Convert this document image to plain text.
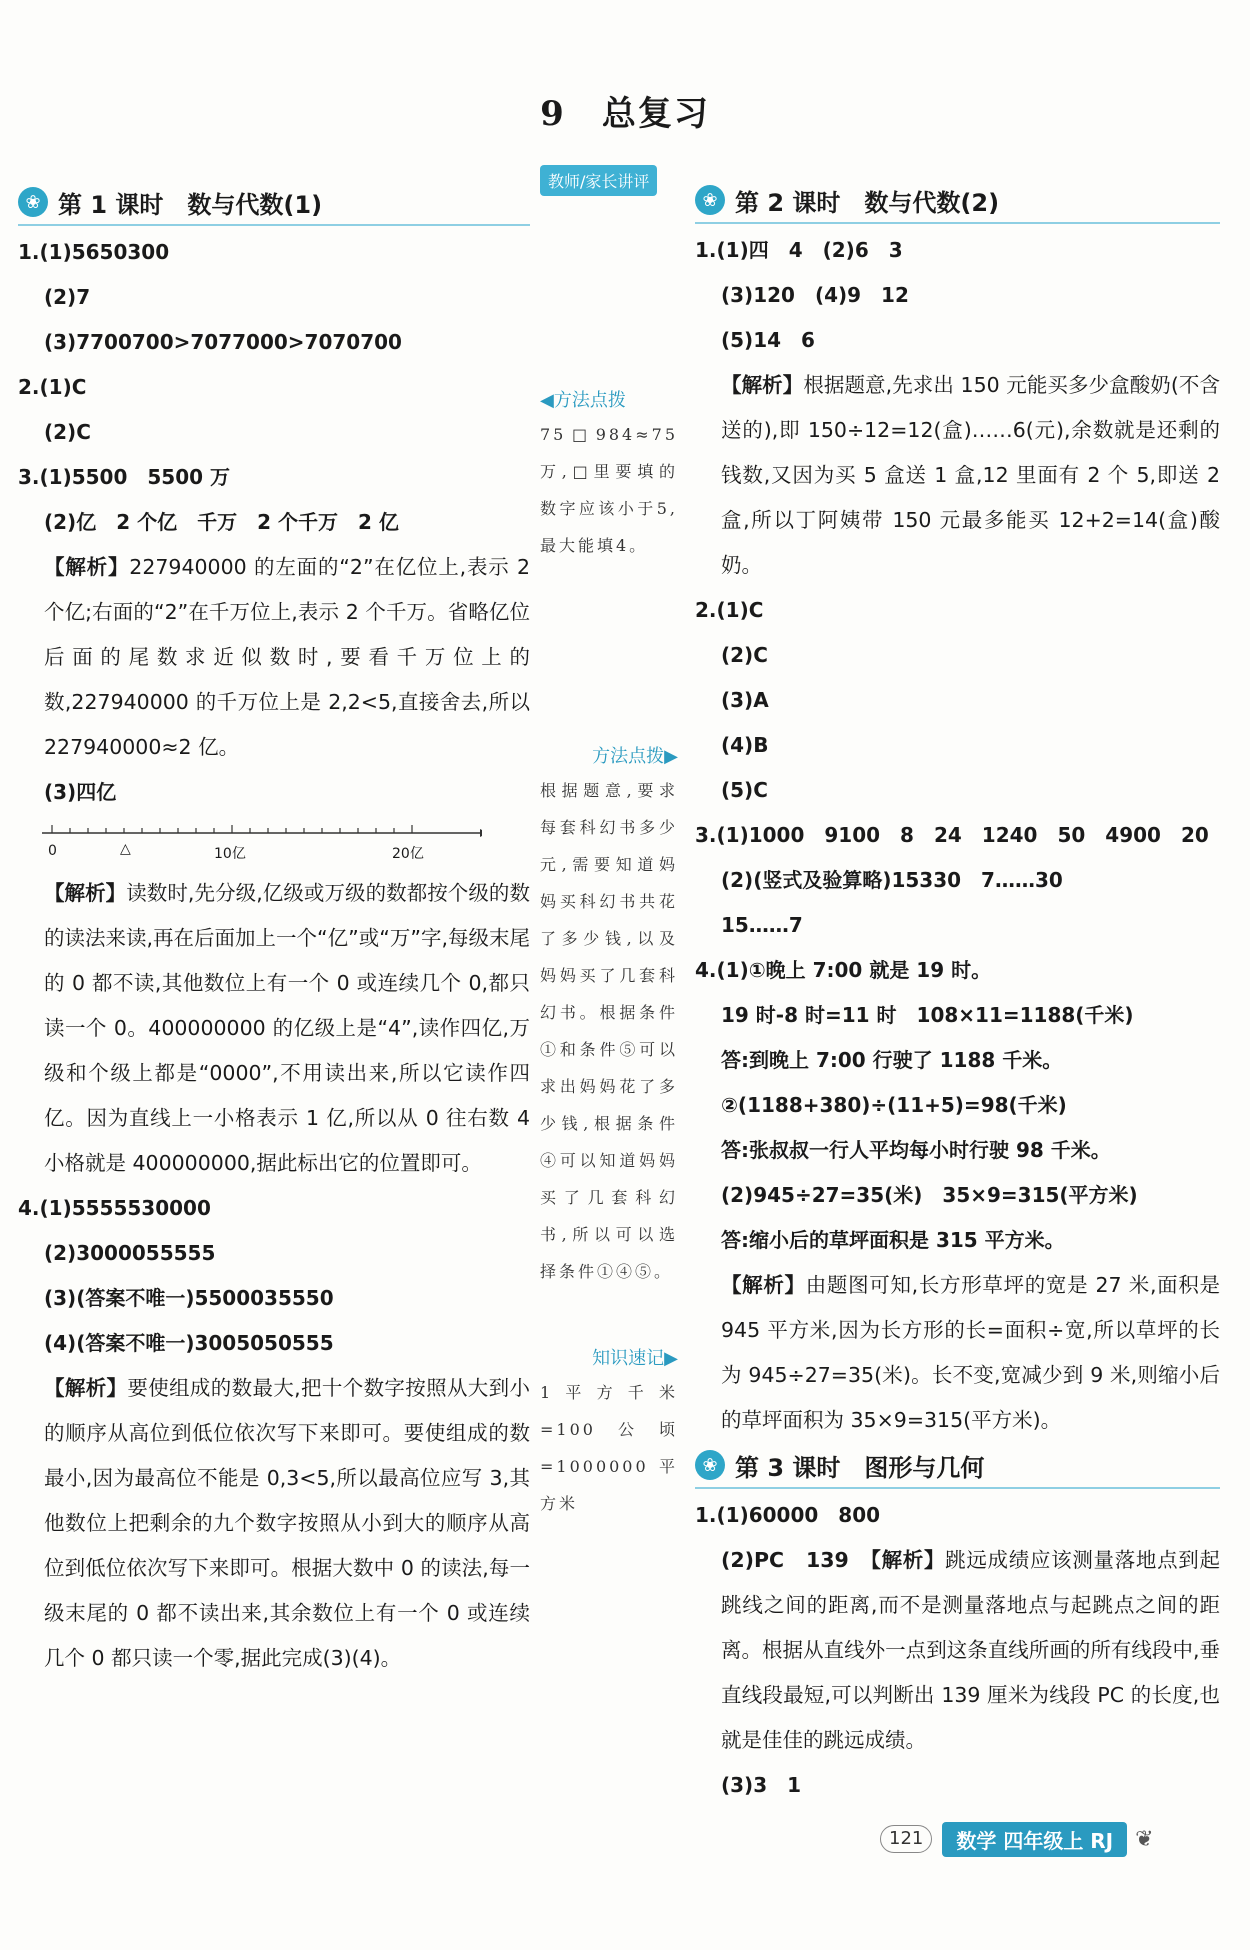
9　总复习
❀ 第 1 课时　数与代数(1)
1.(1)5650300
(2)7
(3)7700700>7077000>7070700
2.(1)C
(2)C
3.(1)5500　5500 万
(2)亿　2 个亿　千万　2 个千万　2 亿
【解析】227940000 的左面的“2”在亿位上,表示 2 个亿;右面的“2”在千万位上,表示 2 个千万。省略亿位后面的尾数求近似数时,要看千万位上的数,227940000 的千万位上是 2,2<5,直接舍去,所以 227940000≈2 亿。
(3)四亿
0	△	10亿	20亿
【解析】读数时,先分级,亿级或万级的数都按个级的数的读法来读,再在后面加上一个“亿”或“万”字,每级末尾的 0 都不读,其他数位上有一个 0 或连续几个 0,都只读一个 0。400000000 的亿级上是“4”,读作四亿,万级和个级上都是“0000”,不用读出来,所以它读作四亿。因为直线上一小格表示 1 亿,所以从 0 往右数 4 小格就是 400000000,据此标出它的位置即可。
4.(1)5555530000
(2)3000055555
(3)(答案不唯一)5500035550
(4)(答案不唯一)3005050555
【解析】要使组成的数最大,把十个数字按照从大到小的顺序从高位到低位依次写下来即可。要使组成的数最小,因为最高位不能是 0,3<5,所以最高位应写 3,其他数位上把剩余的九个数字按照从小到大的顺序从高位到低位依次写下来即可。根据大数中 0 的读法,每一级末尾的 0 都不读出来,其余数位上有一个 0 或连续几个 0 都只读一个零,据此完成(3)(4)。
教师/家长讲评
◀方法点拨
75□984≈75万,□里要填的数字应该小于5,最大能填4。
方法点拨▶
根据题意,要求每套科幻书多少元,需要知道妈妈买科幻书共花了多少钱,以及妈妈买了几套科幻书。根据条件①和条件⑤可以求出妈妈花了多少钱,根据条件④可以知道妈妈买了几套科幻书,所以可以选择条件①④⑤。
知识速记▶
1平方千米=100公顷=1000000平方米
❀ 第 2 课时　数与代数(2)
1.(1)四　4　(2)6　3
(3)120　(4)9　12
(5)14　6
【解析】根据题意,先求出 150 元能买多少盒酸奶(不含送的),即 150÷12=12(盒)……6(元),余数就是还剩的钱数,又因为买 5 盒送 1 盒,12 里面有 2 个 5,即送 2 盒,所以丁阿姨带 150 元最多能买 12+2=14(盒)酸奶。
2.(1)C
(2)C
(3)A
(4)B
(5)C
3.(1)1000　9100　8　24　1240　50　4900　20
(2)(竖式及验算略)15330　7……30
15……7
4.(1)①晚上 7:00 就是 19 时。
19 时-8 时=11 时　108×11=1188(千米)
答:到晚上 7:00 行驶了 1188 千米。
②(1188+380)÷(11+5)=98(千米)
答:张叔叔一行人平均每小时行驶 98 千米。
(2)945÷27=35(米)　35×9=315(平方米)
答:缩小后的草坪面积是 315 平方米。
【解析】由题图可知,长方形草坪的宽是 27 米,面积是 945 平方米,因为长方形的长=面积÷宽,所以草坪的长为 945÷27=35(米)。长不变,宽减少到 9 米,则缩小后的草坪面积为 35×9=315(平方米)。
❀ 第 3 课时　图形与几何
1.(1)60000　800
(2)PC　139　【解析】跳远成绩应该测量落地点到起跳线之间的距离,而不是测量落地点与起跳点之间的距离。根据从直线外一点到这条直线所画的所有线段中,垂直线段最短,可以判断出 139 厘米为线段 PC 的长度,也就是佳佳的跳远成绩。
(3)3　1
121	数学 四年级上 RJ	❦
